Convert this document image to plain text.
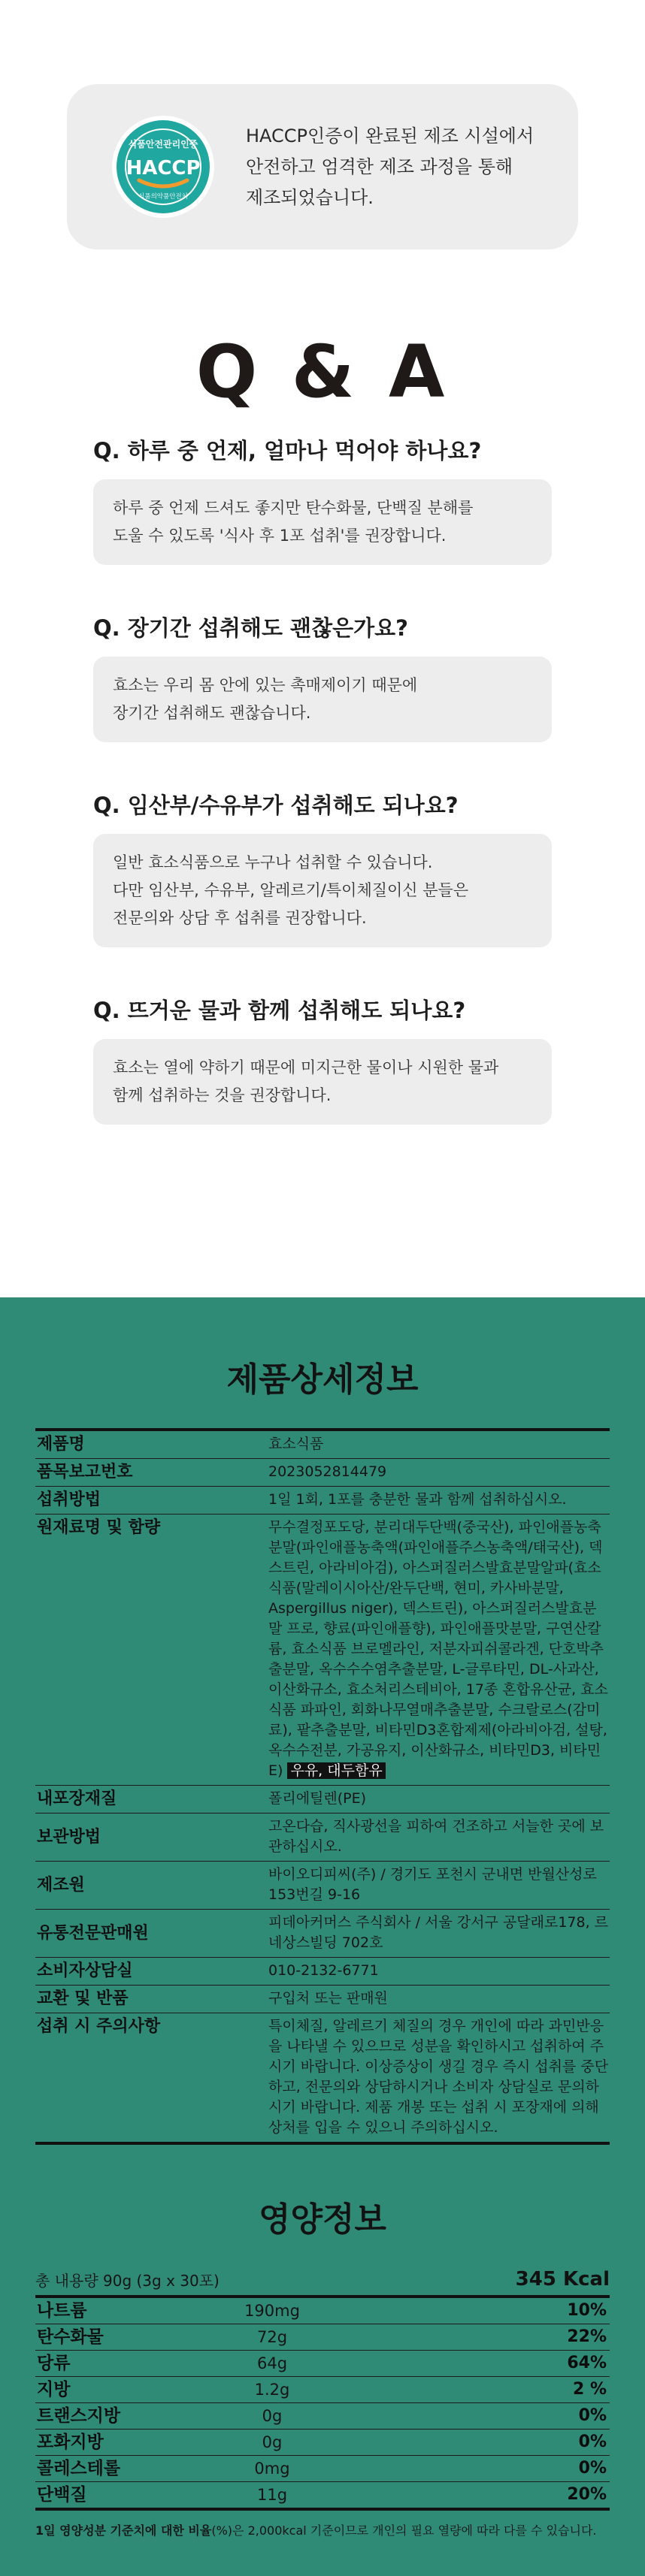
식품안전관리인증
HACCP
식품의약품안전처

HACCP인증이 완료된 제조 시설에서
안전하고 엄격한 제조 과정을 통해
제조되었습니다.

Q & A
Q. 하루 중 언제, 얼마나 먹어야 하나요?
하루 중 언제 드셔도 좋지만 탄수화물, 단백질 분해를
도울 수 있도록 '식사 후 1포 섭취'를 권장합니다.
Q. 장기간 섭취해도 괜찮은가요?
효소는 우리 몸 안에 있는 촉매제이기 때문에
장기간 섭취해도 괜찮습니다.
Q. 임산부/수유부가 섭취해도 되나요?
일반 효소식품으로 누구나 섭취할 수 있습니다.
다만 임산부, 수유부, 알레르기/특이체질이신 분들은
전문의와 상담 후 섭취를 권장합니다.
Q. 뜨거운 물과 함께 섭취해도 되나요?
효소는 열에 약하기 때문에 미지근한 물이나 시원한 물과
함께 섭취하는 것을 권장합니다.
제품상세정보
제품명	효소식품
품목보고번호	2023052814479
섭취방법	1일 1회, 1포를 충분한 물과 함께 섭취하십시오.
원재료명 및 함량	무수결정포도당, 분리대두단백(중국산), 파인애플농축분말(파인애플농축액(파인애플주스농축액/태국산), 덱스트린, 아라비아검), 아스퍼질러스발효분말알파(효소식품(말레이시아산/완두단백, 현미, 카사바분말, Aspergillus niger), 덱스트린), 아스퍼질러스발효분말 프로, 향료(파인애플향), 파인애플맛분말, 구연산칼륨, 효소식품 브로멜라인, 저분자피쉬콜라겐, 단호박추출분말, 옥수수수염추출분말, L-글루타민, DL-사과산, 이산화규소, 효소처리스테비아, 17종 혼합유산균, 효소식품 파파인, 회화나무열매추출분말, 수크랄로스(감미료), 팥추출분말, 비타민D3혼합제제(아라비아검, 설탕, 옥수수전분, 가공유지, 이산화규소, 비타민D3, 비타민E) 우유, 대두함유
내포장재질	폴리에틸렌(PE)
보관방법	고온다습, 직사광선을 피하여 건조하고 서늘한 곳에 보관하십시오.
제조원	바이오디피씨(주) / 경기도 포천시 군내면 반월산성로 153번길 9-16
유통전문판매원	피데아커머스 주식회사 / 서울 강서구 공달래로178, 르네상스빌딩 702호
소비자상담실	010-2132-6771
교환 및 반품	구입처 또는 판매원
섭취 시 주의사항	특이체질, 알레르기 체질의 경우 개인에 따라 과민반응을 나타낼 수 있으므로 성분을 확인하시고 섭취하여 주시기 바랍니다. 이상증상이 생길 경우 즉시 섭취를 중단하고, 전문의와 상담하시거나 소비자 상담실로 문의하시기 바랍니다. 제품 개봉 또는 섭취 시 포장재에 의해 상처를 입을 수 있으니 주의하십시오.
영양정보
총 내용량 90g (3g x 30포)	345 Kcal
나트륨	190mg	10%
탄수화물	72g	22%
당류	64g	64%
지방	1.2g	2 %
트랜스지방	0g	0%
포화지방	0g	0%
콜레스테롤	0mg	0%
단백질	11g	20%

1일 영양성분 기준치에 대한 비율(%)은 2,000kcal 기준이므로 개인의 필요 열량에 따라 다를 수 있습니다.
